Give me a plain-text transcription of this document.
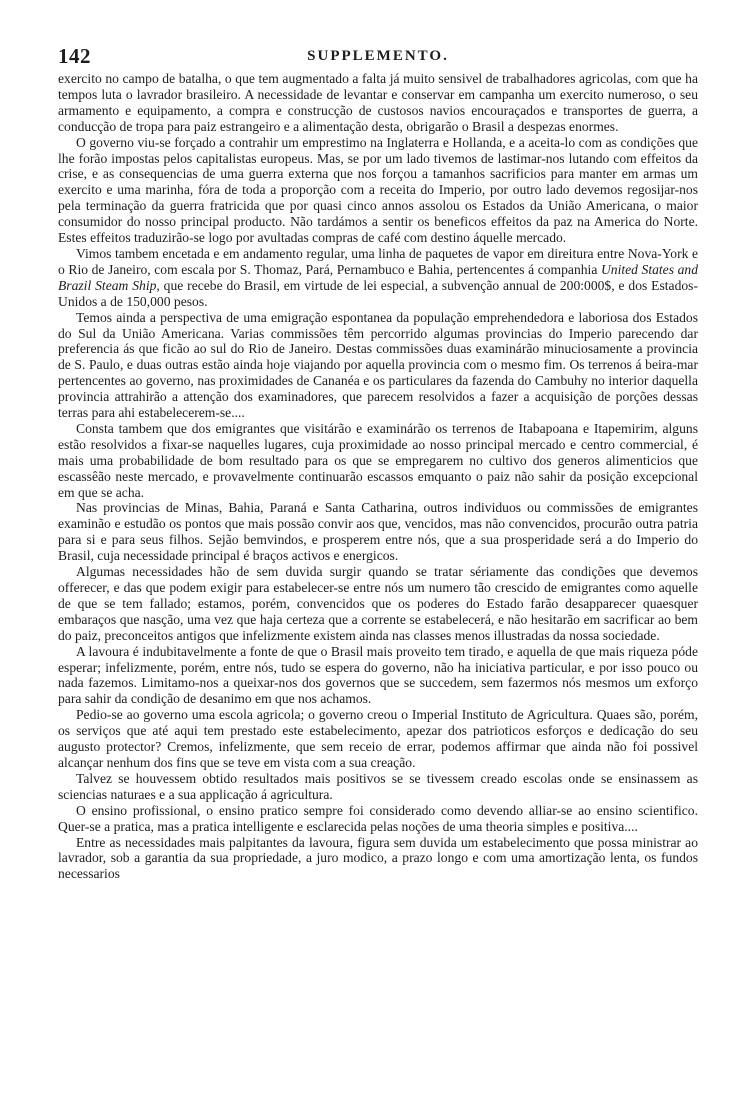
142	SUPPLEMENTO.

exercito no campo de batalha, o que tem augmentado a falta já muito sensivel de trabalhadores agricolas, com que ha tempos luta o lavrador brasileiro. A necessidade de levantar e conservar em campanha um exercito numeroso, o seu armamento e equipamento, a compra e construcção de custosos navios encouraçados e transportes de guerra, a conducção de tropa para paiz estrangeiro e a alimentação desta, obrigarão o Brasil a despezas enormes.

O governo viu-se forçado a contrahir um emprestimo na Inglaterra e Hollanda, e a aceita-lo com as condições que lhe forão impostas pelos capitalistas europeus. Mas, se por um lado tivemos de lastimar-nos lutando com effeitos da crise, e as consequencias de uma guerra externa que nos forçou a tamanhos sacrificios para manter em armas um exercito e uma marinha, fóra de toda a proporção com a receita do Imperio, por outro lado devemos regosijar-nos pela terminação da guerra fratricida que por quasi cinco annos assolou os Estados da União Americana, o maior consumidor do nosso principal producto. Não tardámos a sentir os beneficos effeitos da paz na America do Norte. Estes effeitos traduzirão-se logo por avultadas compras de café com destino áquelle mercado.

Vimos tambem encetada e em andamento regular, uma linha de paquetes de vapor em direitura entre Nova-York e o Rio de Janeiro, com escala por S. Thomaz, Pará, Pernambuco e Bahia, pertencentes á companhia United States and Brazil Steam Ship, que recebe do Brasil, em virtude de lei especial, a subvenção annual de 200:000$, e dos Estados-Unidos a de 150,000 pesos.

Temos ainda a perspectiva de uma emigração espontanea da população emprehendedora e laboriosa dos Estados do Sul da União Americana. Varias commissões têm percorrido algumas provincias do Imperio parecendo dar preferencia ás que ficão ao sul do Rio de Janeiro. Destas commissões duas examinárão minuciosamente a provincia de S. Paulo, e duas outras estão ainda hoje viajando por aquella provincia com o mesmo fim. Os terrenos á beira-mar pertencentes ao governo, nas proximidades de Cananéa e os particulares da fazenda do Cambuhy no interior daquella provincia attrahirão a attenção dos examinadores, que parecem resolvidos a fazer a acquisição de porções dessas terras para ahi estabelecerem-se....

Consta tambem que dos emigrantes que visitárão e examinárão os terrenos de Itabapoana e Itapemirim, alguns estão resolvidos a fixar-se naquelles lugares, cuja proximidade ao nosso principal mercado e centro commercial, é mais uma probabilidade de bom resultado para os que se empregarem no cultivo dos generos alimenticios que escassêão neste mercado, e provavelmente continuarão escassos emquanto o paiz não sahir da posição excepcional em que se acha.

Nas provincias de Minas, Bahia, Paraná e Santa Catharina, outros individuos ou commissões de emigrantes examinão e estudão os pontos que mais possão convir aos que, vencidos, mas não convencidos, procurão outra patria para si e para seus filhos. Sejão bemvindos, e prosperem entre nós, que a sua prosperidade será a do Imperio do Brasil, cuja necessidade principal é braços activos e energicos.

Algumas necessidades hão de sem duvida surgir quando se tratar sériamente das condições que devemos offerecer, e das que podem exigir para estabelecer-se entre nós um numero tão crescido de emigrantes como aquelle de que se tem fallado; estamos, porém, convencidos que os poderes do Estado farão desapparecer quaesquer embaraços que nasção, uma vez que haja certeza que a corrente se estabelecerá, e não hesitarão em sacrificar ao bem do paiz, preconceitos antigos que infelizmente existem ainda nas classes menos illustradas da nossa sociedade.

A lavoura é indubitavelmente a fonte de que o Brasil mais proveito tem tirado, e aquella de que mais riqueza póde esperar; infelizmente, porém, entre nós, tudo se espera do governo, não ha iniciativa particular, e por isso pouco ou nada fazemos. Limitamo-nos a queixar-nos dos governos que se succedem, sem fazermos nós mesmos um exforço para sahir da condição de desanimo em que nos achamos.

Pedio-se ao governo uma escola agricola; o governo creou o Imperial Instituto de Agricultura. Quaes são, porém, os serviços que até aqui tem prestado este estabelecimento, apezar dos patrioticos esforços e dedicação do seu augusto protector? Cremos, infelizmente, que sem receio de errar, podemos affirmar que ainda não foi possivel alcançar nenhum dos fins que se teve em vista com a sua creação.

Talvez se houvessem obtido resultados mais positivos se se tivessem creado escolas onde se ensinassem as sciencias naturaes e a sua applicação á agricultura.

O ensino profissional, o ensino pratico sempre foi considerado como devendo alliar-se ao ensino scientifico. Quer-se a pratica, mas a pratica intelligente e esclarecida pelas noções de uma theoria simples e positiva....

Entre as necessidades mais palpitantes da lavoura, figura sem duvida um estabelecimento que possa ministrar ao lavrador, sob a garantia da sua propriedade, a juro modico, a prazo longo e com uma amortização lenta, os fundos necessarios
